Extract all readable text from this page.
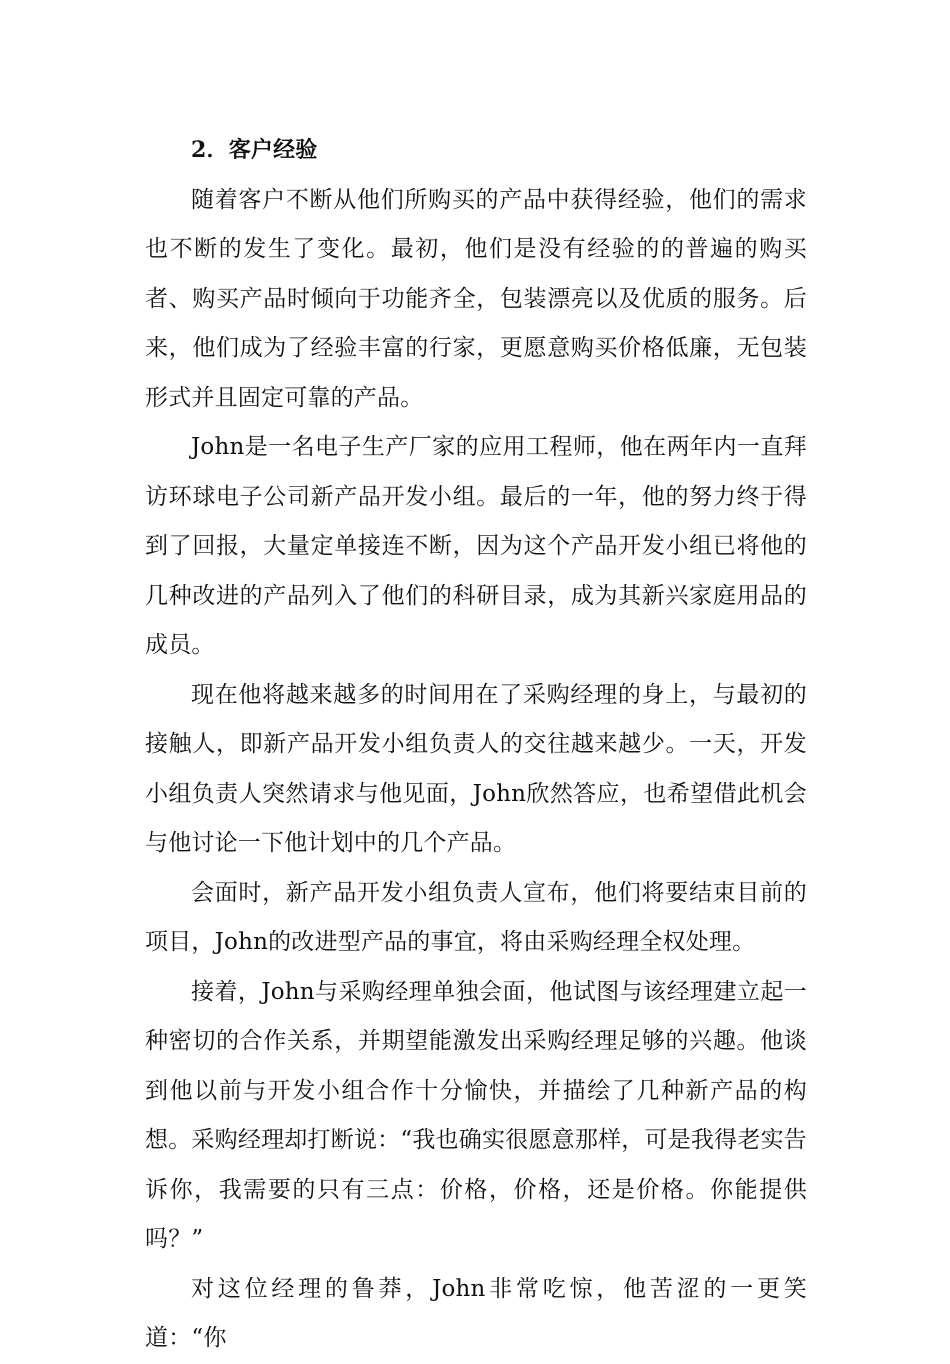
2．客户经验

随着客户不断从他们所购买的产品中获得经验，他们的需求也不断的发生了变化。最初，他们是没有经验的的普遍的购买者、购买产品时倾向于功能齐全，包装漂亮以及优质的服务。后来，他们成为了经验丰富的行家，更愿意购买价格低廉，无包装形式并且固定可靠的产品。

John是一名电子生产厂家的应用工程师，他在两年内一直拜访环球电子公司新产品开发小组。最后的一年，他的努力终于得到了回报，大量定单接连不断，因为这个产品开发小组已将他的几种改进的产品列入了他们的科研目录，成为其新兴家庭用品的成员。

现在他将越来越多的时间用在了采购经理的身上，与最初的接触人，即新产品开发小组负责人的交往越来越少。一天，开发小组负责人突然请求与他见面，John欣然答应，也希望借此机会与他讨论一下他计划中的几个产品。

会面时，新产品开发小组负责人宣布，他们将要结束目前的项目，John的改进型产品的事宜，将由采购经理全权处理。

接着，John与采购经理单独会面，他试图与该经理建立起一种密切的合作关系，并期望能激发出采购经理足够的兴趣。他谈到他以前与开发小组合作十分愉快，并描绘了几种新产品的构想。采购经理却打断说：“我也确实很愿意那样，可是我得老实告诉你，我需要的只有三点：价格，价格，还是价格。你能提供吗？”

对这位经理的鲁莽，John非常吃惊，他苦涩的一更笑道：“你
